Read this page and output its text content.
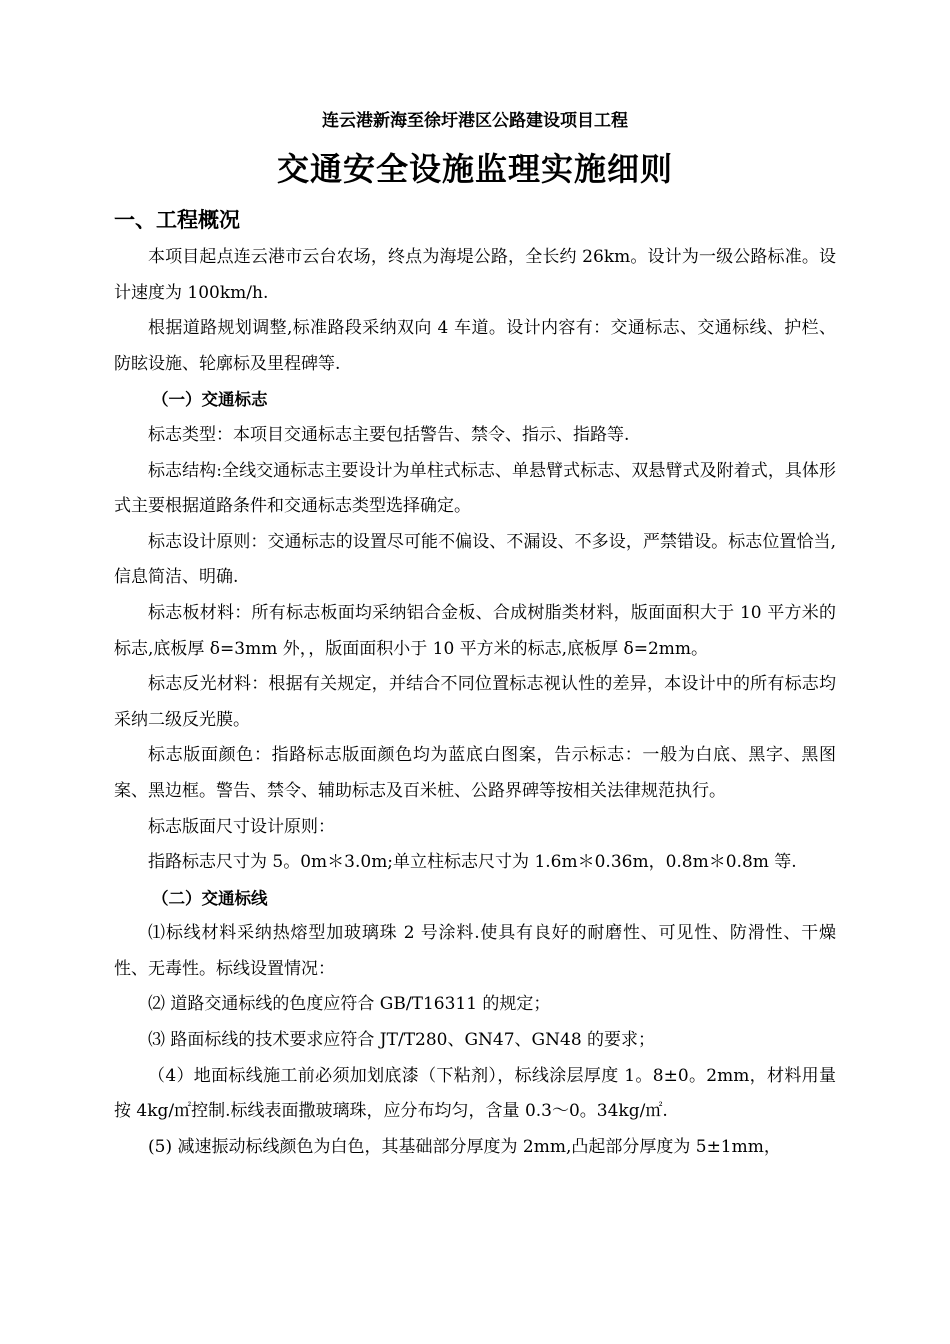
连云港新海至徐圩港区公路建设项目工程
交通安全设施监理实施细则
一、工程概况

本项目起点连云港市云台农场，终点为海堤公路，全长约 26km。设计为一级公路标准。设计速度为 100km/h.

根据道路规划调整,标准路段采纳双向 4 车道。设计内容有：交通标志、交通标线、护栏、防眩设施、轮廓标及里程碑等.

（一）交通标志

标志类型：本项目交通标志主要包括警告、禁令、指示、指路等.

标志结构:全线交通标志主要设计为单柱式标志、单悬臂式标志、双悬臂式及附着式，具体形式主要根据道路条件和交通标志类型选择确定。

标志设计原则：交通标志的设置尽可能不偏设、不漏设、不多设，严禁错设。标志位置恰当,信息简洁、明确.

标志板材料：所有标志板面均采纳铝合金板、合成树脂类材料，版面面积大于 10 平方米的标志,底板厚 δ=3mm 外，，版面面积小于 10 平方米的标志,底板厚 δ=2mm。

标志反光材料：根据有关规定，并结合不同位置标志视认性的差异，本设计中的所有标志均采纳二级反光膜。

标志版面颜色：指路标志版面颜色均为蓝底白图案，告示标志：一般为白底、黑字、黑图案、黑边框。警告、禁令、辅助标志及百米桩、公路界碑等按相关法律规范执行。

标志版面尺寸设计原则：

指路标志尺寸为 5。0m＊3.0m;单立柱标志尺寸为 1.6m＊0.36m，0.8m＊0.8m 等.

（二）交通标线

⑴标线材料采纳热熔型加玻璃珠 2 号涂料.使具有良好的耐磨性、可见性、防滑性、干燥性、无毒性。标线设置情况：

⑵ 道路交通标线的色度应符合 GB/T16311 的规定；

⑶ 路面标线的技术要求应符合 JT/T280、GN47、GN48 的要求；

（4）地面标线施工前必须加划底漆（下粘剂），标线涂层厚度 1。8±0。2mm，材料用量按 4kg/㎡控制.标线表面撒玻璃珠，应分布均匀，含量 0.3～0。34kg/㎡.

(5) 减速振动标线颜色为白色，其基础部分厚度为 2mm,凸起部分厚度为 5±1mm，
